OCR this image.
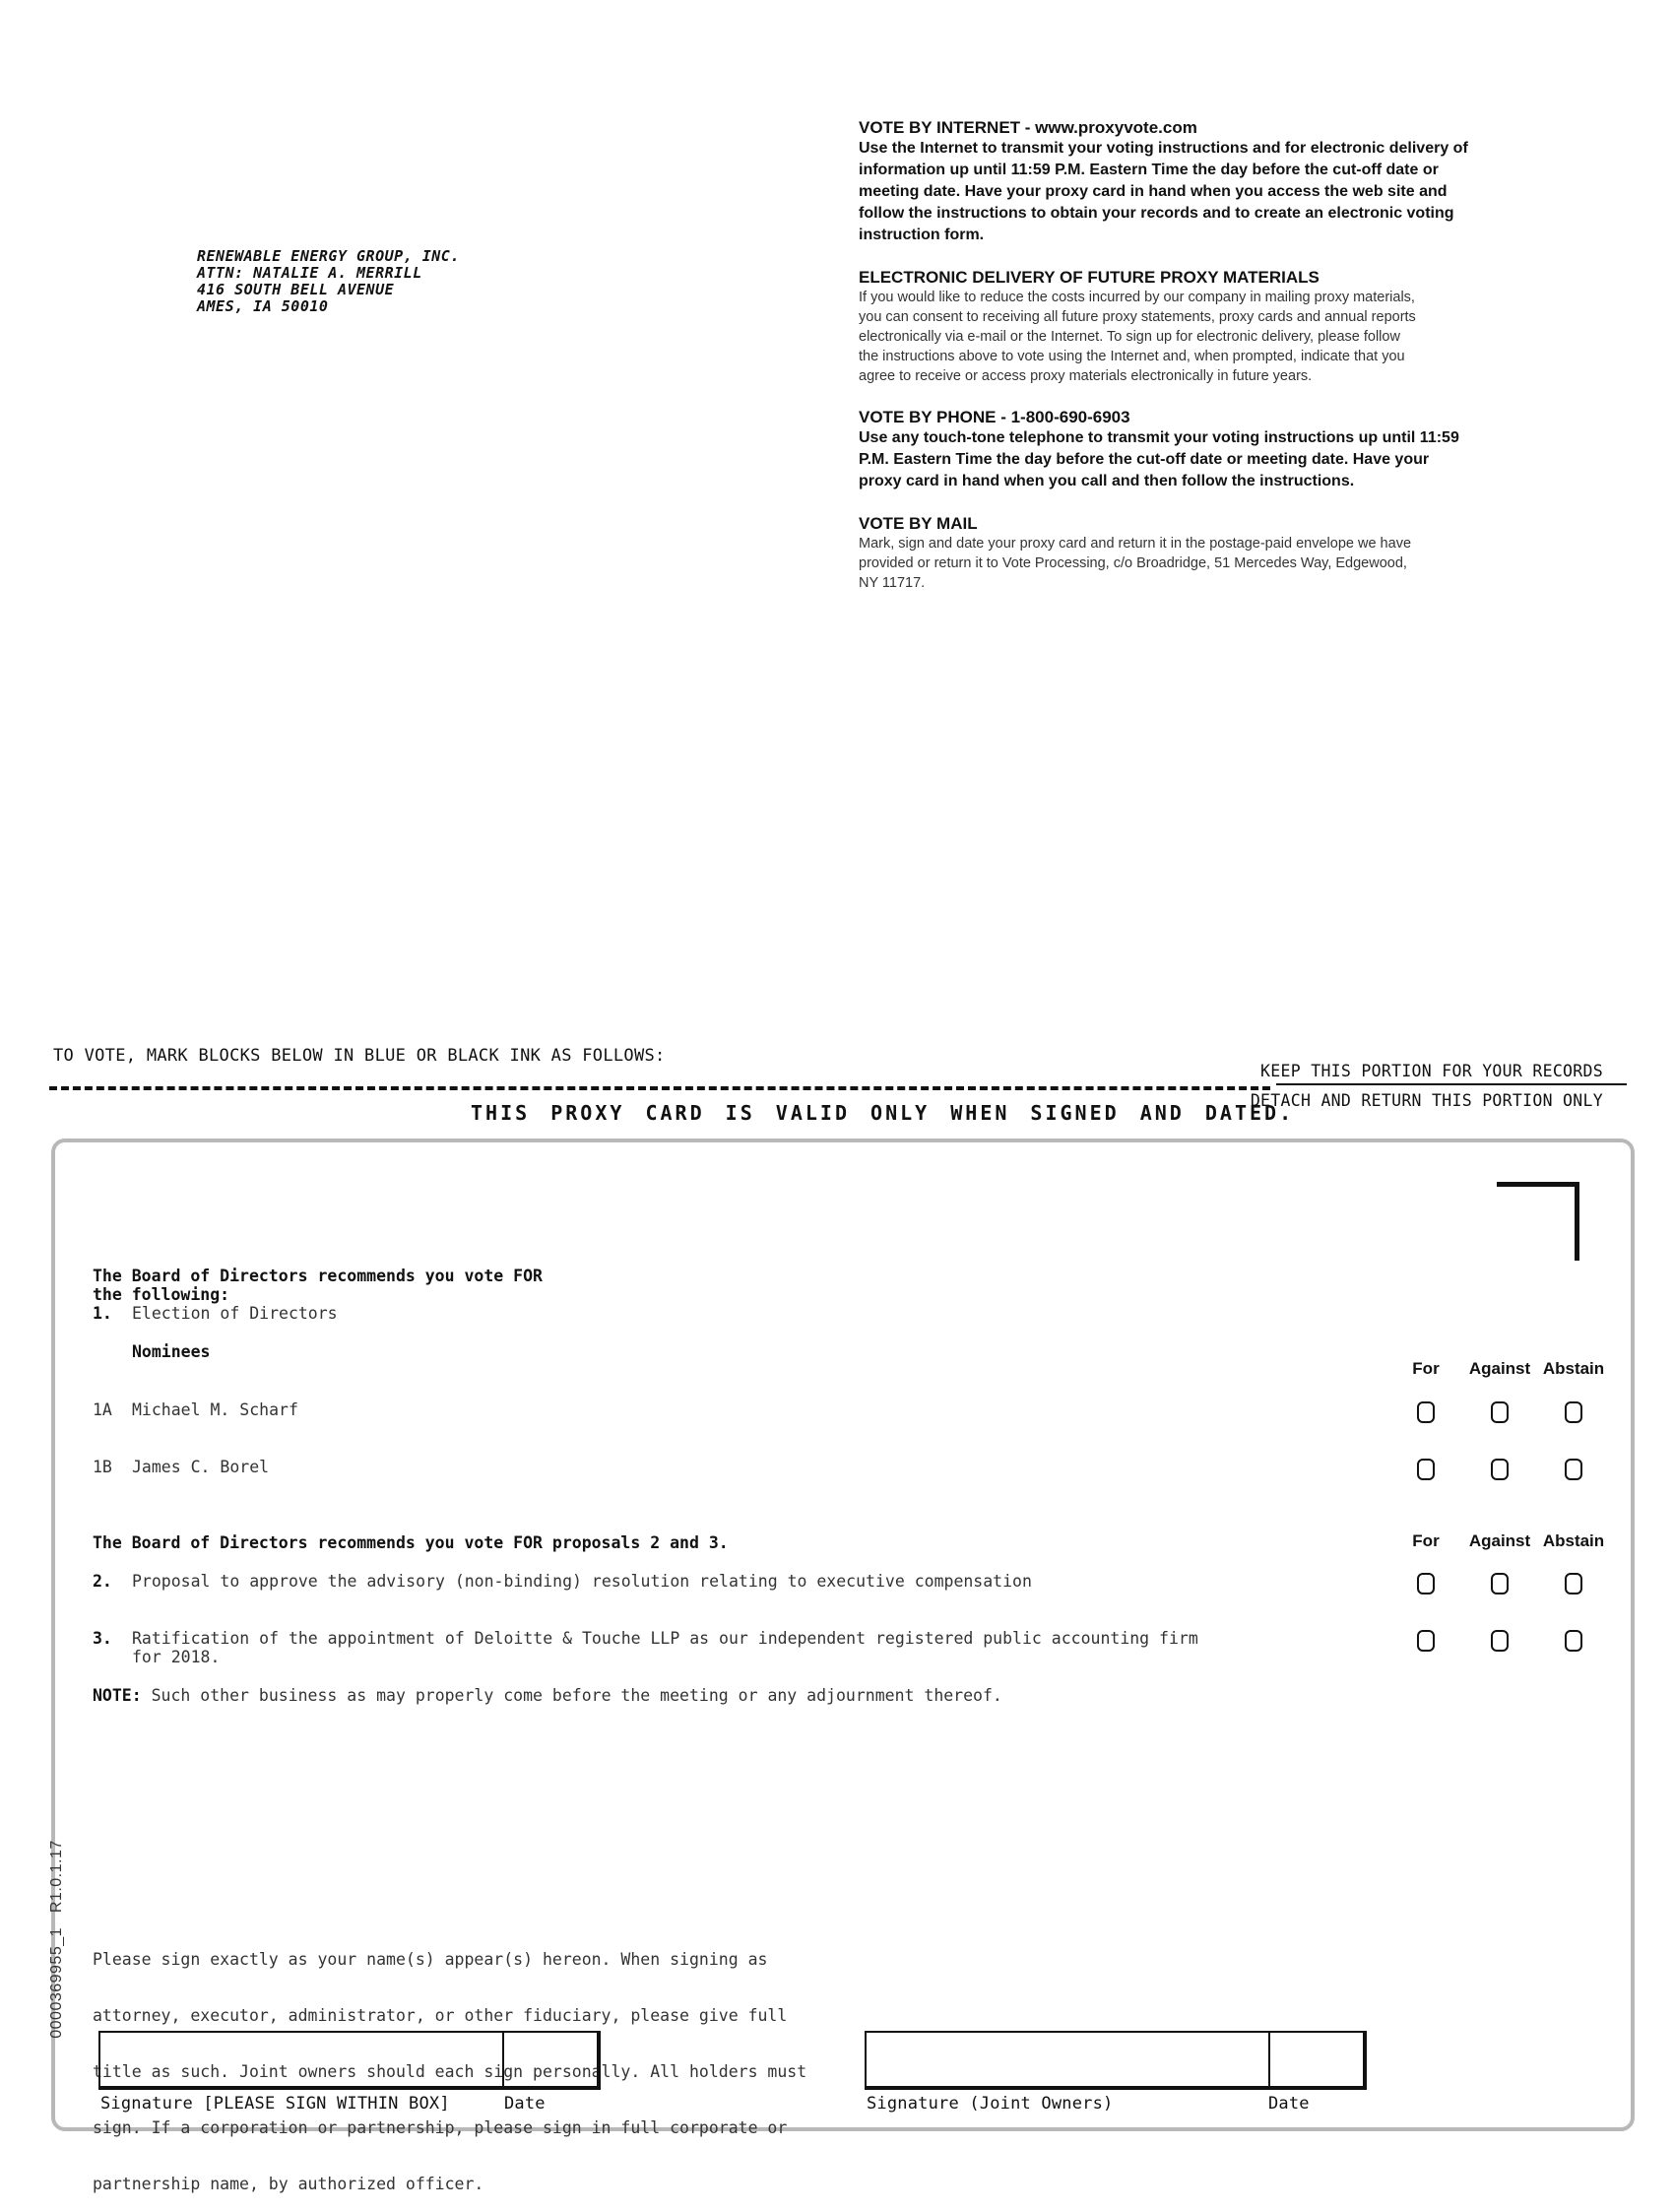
RENEWABLE ENERGY GROUP, INC.
ATTN: NATALIE A. MERRILL
416 SOUTH BELL AVENUE
AMES, IA 50010

VOTE BY INTERNET - www.proxyvote.com

Use the Internet to transmit your voting instructions and for electronic delivery of

information up until 11:59 P.M. Eastern Time the day before the cut-off date or

meeting date. Have your proxy card in hand when you access the web site and

follow the instructions to obtain your records and to create an electronic voting

instruction form.

ELECTRONIC DELIVERY OF FUTURE PROXY MATERIALS

If you would like to reduce the costs incurred by our company in mailing proxy materials,

you can consent to receiving all future proxy statements, proxy cards and annual reports

electronically via e-mail or the Internet. To sign up for electronic delivery, please follow

the instructions above to vote using the Internet and, when prompted, indicate that you

agree to receive or access proxy materials electronically in future years.

VOTE BY PHONE - 1-800-690-6903

Use any touch-tone telephone to transmit your voting instructions up until 11:59

P.M. Eastern Time the day before the cut-off date or meeting date. Have your

proxy card in hand when you call and then follow the instructions.

VOTE BY MAIL

Mark, sign and date your proxy card and return it in the postage-paid envelope we have

provided or return it to Vote Processing, c/o Broadridge, 51 Mercedes Way, Edgewood,

NY 11717.

TO VOTE, MARK BLOCKS BELOW IN BLUE OR BLACK INK AS FOLLOWS:
KEEP THIS PORTION FOR YOUR RECORDS
DETACH AND RETURN THIS PORTION ONLY
THIS PROXY CARD IS VALID ONLY WHEN SIGNED AND DATED.
The Board of Directors recommends you vote FOR
the following:
1. Election of Directors
Nominees
For	Against Abstain
1A Michael M. Scharf
1B James C. Borel
The Board of Directors recommends you vote FOR proposals 2 and 3.	For	Against Abstain
2. Proposal to approve the advisory (non-binding) resolution relating to executive compensation
3. Ratification of the appointment of Deloitte & Touche LLP as our independent registered public accounting firm
for 2018.
NOTE: Such other business as may properly come before the meeting or any adjournment thereof.

Please sign exactly as your name(s) appear(s) hereon. When signing as

attorney, executor, administrator, or other fiduciary, please give full

title as such. Joint owners should each sign personally. All holders must

sign. If a corporation or partnership, please sign in full corporate or

partnership name, by authorized officer.

Signature [PLEASE SIGN WITHIN BOX]	Date	Signature (Joint Owners)	Date
0000369955_1   R1.0.1.17
